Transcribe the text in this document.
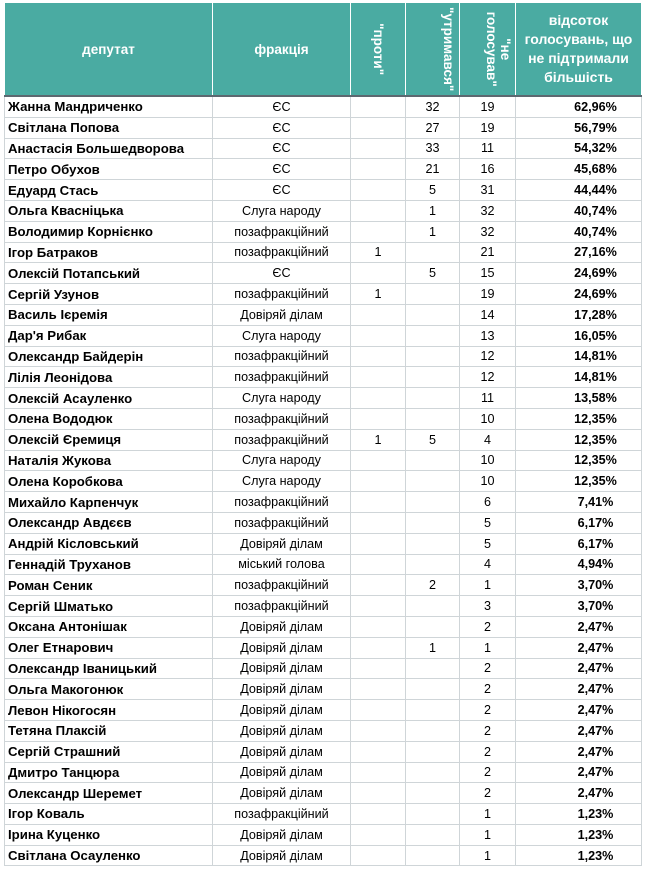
депутат	фракція	"проти"	"утримався"	"не
голосував"	відсоток голосувань, що не підтримали більшість

Жанна Мандриченко	ЄС		32	19	62,96%
Світлана Попова	ЄС		27	19	56,79%
Анастасія Большедворова	ЄС		33	11	54,32%
Петро Обухов	ЄС		21	16	45,68%
Едуард Стась	ЄС		5	31	44,44%
Ольга Квасніцька	Слуга народу		1	32	40,74%
Володимир Корнієнко	позафракційний		1	32	40,74%
Ігор Батраков	позафракційний	1		21	27,16%
Олексій Потапський	ЄС		5	15	24,69%
Сергій Узунов	позафракційний	1		19	24,69%
Василь Ієремія	Довіряй ділам			14	17,28%
Дар'я Рибак	Слуга народу			13	16,05%
Олександр Байдерін	позафракційний			12	14,81%
Лілія Леонідова	позафракційний			12	14,81%
Олексій Асауленко	Слуга народу			11	13,58%
Олена Вододюк	позафракційний			10	12,35%
Олексій Єремиця	позафракційний	1	5	4	12,35%
Наталія Жукова	Слуга народу			10	12,35%
Олена Коробкова	Слуга народу			10	12,35%
Михайло Карпенчук	позафракційний			6	7,41%
Олександр Авдєєв	позафракційний			5	6,17%
Андрій Кісловський	Довіряй ділам			5	6,17%
Геннадій Труханов	міський голова			4	4,94%
Роман Сеник	позафракційний		2	1	3,70%
Сергій Шматько	позафракційний			3	3,70%
Оксана Антонішак	Довіряй ділам			2	2,47%
Олег Етнарович	Довіряй ділам		1	1	2,47%
Олександр Іваницький	Довіряй ділам			2	2,47%
Ольга Макогонюк	Довіряй ділам			2	2,47%
Левон Нікогосян	Довіряй ділам			2	2,47%
Тетяна Плаксій	Довіряй ділам			2	2,47%
Сергій Страшний	Довіряй ділам			2	2,47%
Дмитро Танцюра	Довіряй ділам			2	2,47%
Олександр Шеремет	Довіряй ділам			2	2,47%
Ігор Коваль	позафракційний			1	1,23%
Ірина Куценко	Довіряй ділам			1	1,23%
Світлана Осауленко	Довіряй ділам			1	1,23%
